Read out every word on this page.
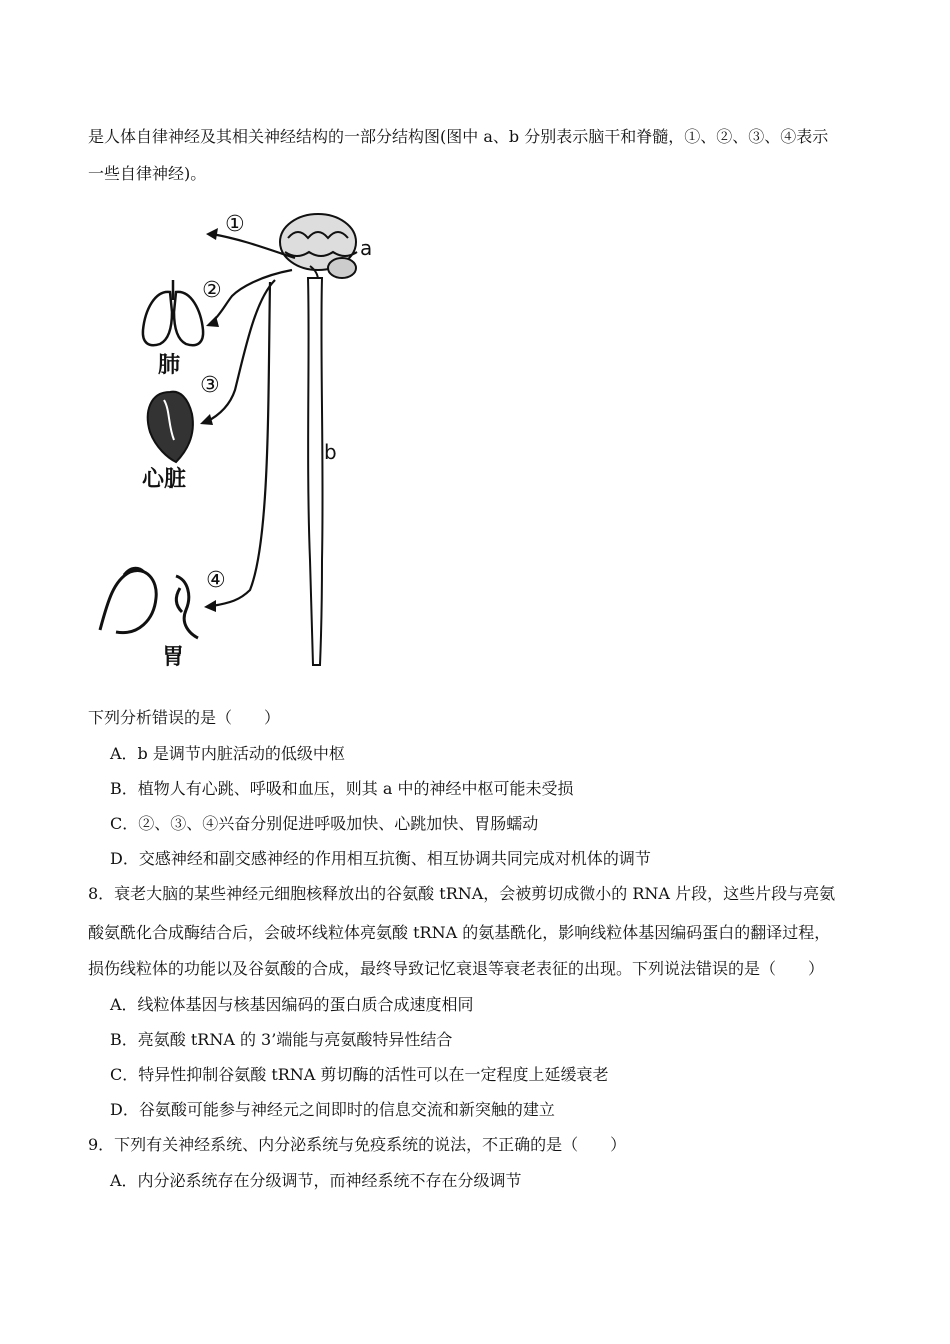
是人体自律神经及其相关神经结构的一部分结构图(图中 a、b 分别表示脑干和脊髓，①、②、③、④表示
一些自律神经)。
①
②
③
④
a
b
肺
心脏
胃
下列分析错误的是（　　）
A．b 是调节内脏活动的低级中枢
B．植物人有心跳、呼吸和血压，则其 a 中的神经中枢可能未受损
C．②、③、④兴奋分别促进呼吸加快、心跳加快、胃肠蠕动
D．交感神经和副交感神经的作用相互抗衡、相互协调共同完成对机体的调节
8．衰老大脑的某些神经元细胞核释放出的谷氨酸 tRNA，会被剪切成微小的 RNA 片段，这些片段与亮氨
酸氨酰化合成酶结合后，会破坏线粒体亮氨酸 tRNA 的氨基酰化，影响线粒体基因编码蛋白的翻译过程，
损伤线粒体的功能以及谷氨酸的合成，最终导致记忆衰退等衰老表征的出现。下列说法错误的是（　　）
A．线粒体基因与核基因编码的蛋白质合成速度相同
B．亮氨酸 tRNA 的 3’端能与亮氨酸特异性结合
C．特异性抑制谷氨酸 tRNA 剪切酶的活性可以在一定程度上延缓衰老
D．谷氨酸可能参与神经元之间即时的信息交流和新突触的建立
9．下列有关神经系统、内分泌系统与免疫系统的说法，不正确的是（　　）
A．内分泌系统存在分级调节，而神经系统不存在分级调节
